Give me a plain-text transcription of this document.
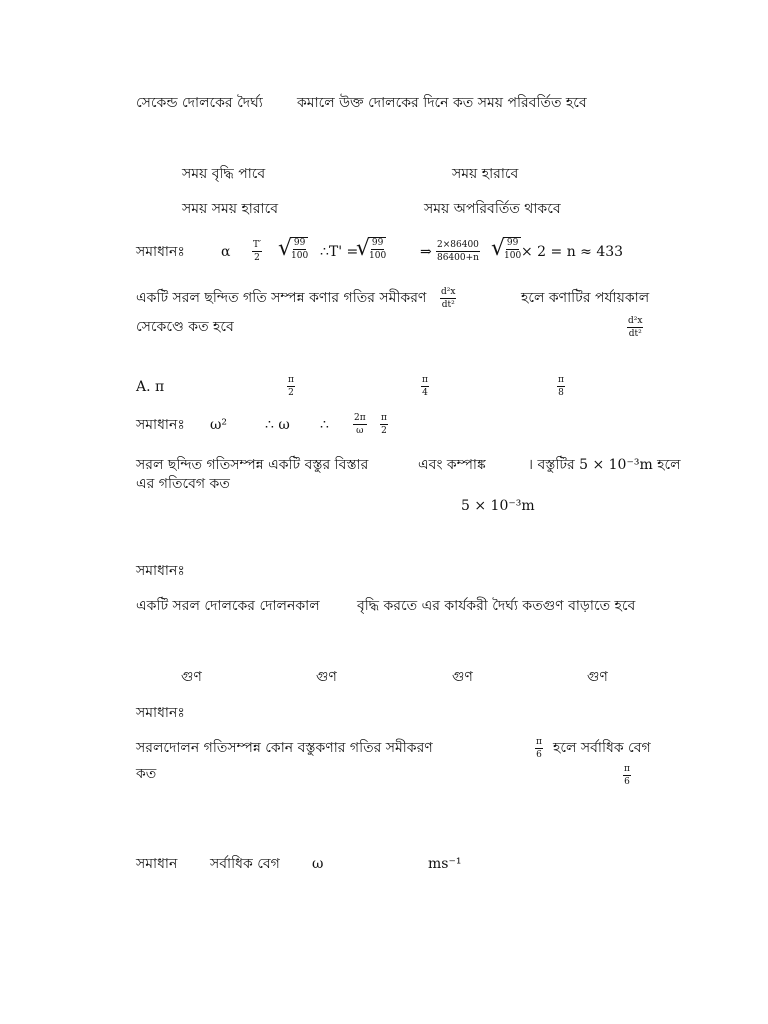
সেকেন্ড দোলকের দৈর্ঘ্য কমালে উক্ত দোলকের দিনে কত সময় পরিবর্তিত হবে
সময় বৃদ্ধি পাবে	সময় হারাবে
সময় সময় হারাবে	সময় অপরিবর্তিত থাকবে
সমাধানঃ	α $\frac{T'}{2}$ √ $\frac{99}{100}$ ∴T' =
√ $\frac{99}{100}$ ⇒ $\frac{2\times 86400}{86400+n}$ √ $\frac{99}{100} \times 2 = n \approx 433$
একটি সরল ছন্দিত গতি সম্পন্ন কণার গতির সমীকরণ $\frac{\text{d²x}}{\text{dt²}}$	হলে কণাটির পর্যায়কাল
সেকেণ্ডে কত হবে	$\frac{\text{d²x}}{\text{dt²}}$
A. π	$\frac{\pi}{2}$	$\frac{\pi}{4}$	$\frac{\pi}{8}$
সমাধানঃ ω²	∴ ω ∴	$\frac{2\pi}{\omega} \frac{\pi}{2}$
সরল ছন্দিত গতিসম্পন্ন একটি বস্তুর বিস্তার	এবং কম্পাঙ্ক	। বস্তুটির 5 × 10⁻³m হলে
এর গতিবেগ কত
5 × 10⁻³m
সমাধানঃ
একটি সরল দোলকের দোলনকাল	বৃদ্ধি করতে এর কার্যকরী দৈর্ঘ্য কতগুণ বাড়াতে হবে
গুণ	গুণ	গুণ	গুণ
সমাধানঃ
সরলদোলন গতিসম্পন্ন কোন বস্তুকণার গতির সমীকরণ	$\frac{\pi}{6}$ হলে সর্বাধিক বেগ
কত	$\frac{\pi}{6}$
সমাধান সর্বাধিক বেগ ω	ms⁻¹
